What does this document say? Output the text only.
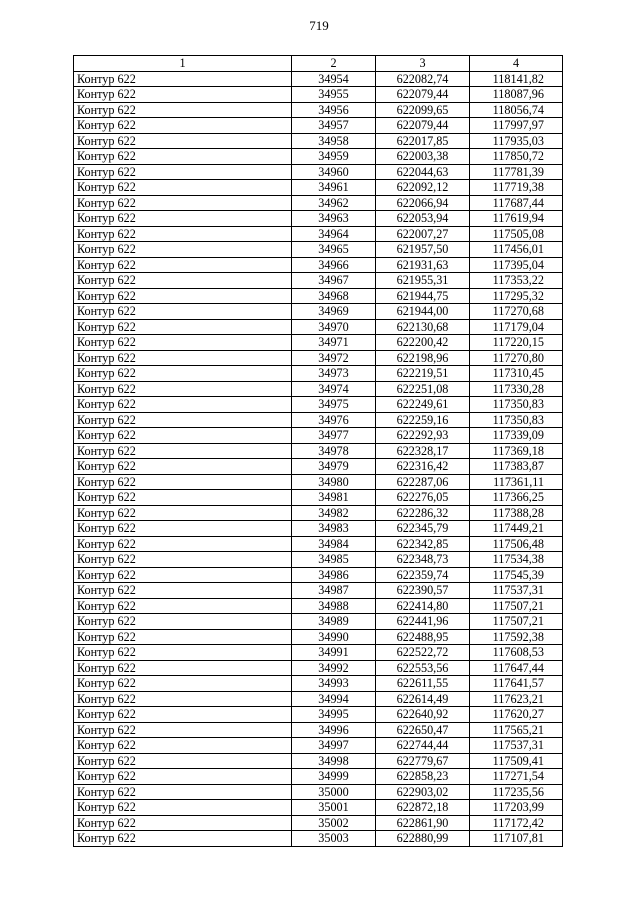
719
1	2	3	4
Контур 622	34954	622082,74	118141,82
Контур 622	34955	622079,44	118087,96
Контур 622	34956	622099,65	118056,74
Контур 622	34957	622079,44	117997,97
Контур 622	34958	622017,85	117935,03
Контур 622	34959	622003,38	117850,72
Контур 622	34960	622044,63	117781,39
Контур 622	34961	622092,12	117719,38
Контур 622	34962	622066,94	117687,44
Контур 622	34963	622053,94	117619,94
Контур 622	34964	622007,27	117505,08
Контур 622	34965	621957,50	117456,01
Контур 622	34966	621931,63	117395,04
Контур 622	34967	621955,31	117353,22
Контур 622	34968	621944,75	117295,32
Контур 622	34969	621944,00	117270,68
Контур 622	34970	622130,68	117179,04
Контур 622	34971	622200,42	117220,15
Контур 622	34972	622198,96	117270,80
Контур 622	34973	622219,51	117310,45
Контур 622	34974	622251,08	117330,28
Контур 622	34975	622249,61	117350,83
Контур 622	34976	622259,16	117350,83
Контур 622	34977	622292,93	117339,09
Контур 622	34978	622328,17	117369,18
Контур 622	34979	622316,42	117383,87
Контур 622	34980	622287,06	117361,11
Контур 622	34981	622276,05	117366,25
Контур 622	34982	622286,32	117388,28
Контур 622	34983	622345,79	117449,21
Контур 622	34984	622342,85	117506,48
Контур 622	34985	622348,73	117534,38
Контур 622	34986	622359,74	117545,39
Контур 622	34987	622390,57	117537,31
Контур 622	34988	622414,80	117507,21
Контур 622	34989	622441,96	117507,21
Контур 622	34990	622488,95	117592,38
Контур 622	34991	622522,72	117608,53
Контур 622	34992	622553,56	117647,44
Контур 622	34993	622611,55	117641,57
Контур 622	34994	622614,49	117623,21
Контур 622	34995	622640,92	117620,27
Контур 622	34996	622650,47	117565,21
Контур 622	34997	622744,44	117537,31
Контур 622	34998	622779,67	117509,41
Контур 622	34999	622858,23	117271,54
Контур 622	35000	622903,02	117235,56
Контур 622	35001	622872,18	117203,99
Контур 622	35002	622861,90	117172,42
Контур 622	35003	622880,99	117107,81
